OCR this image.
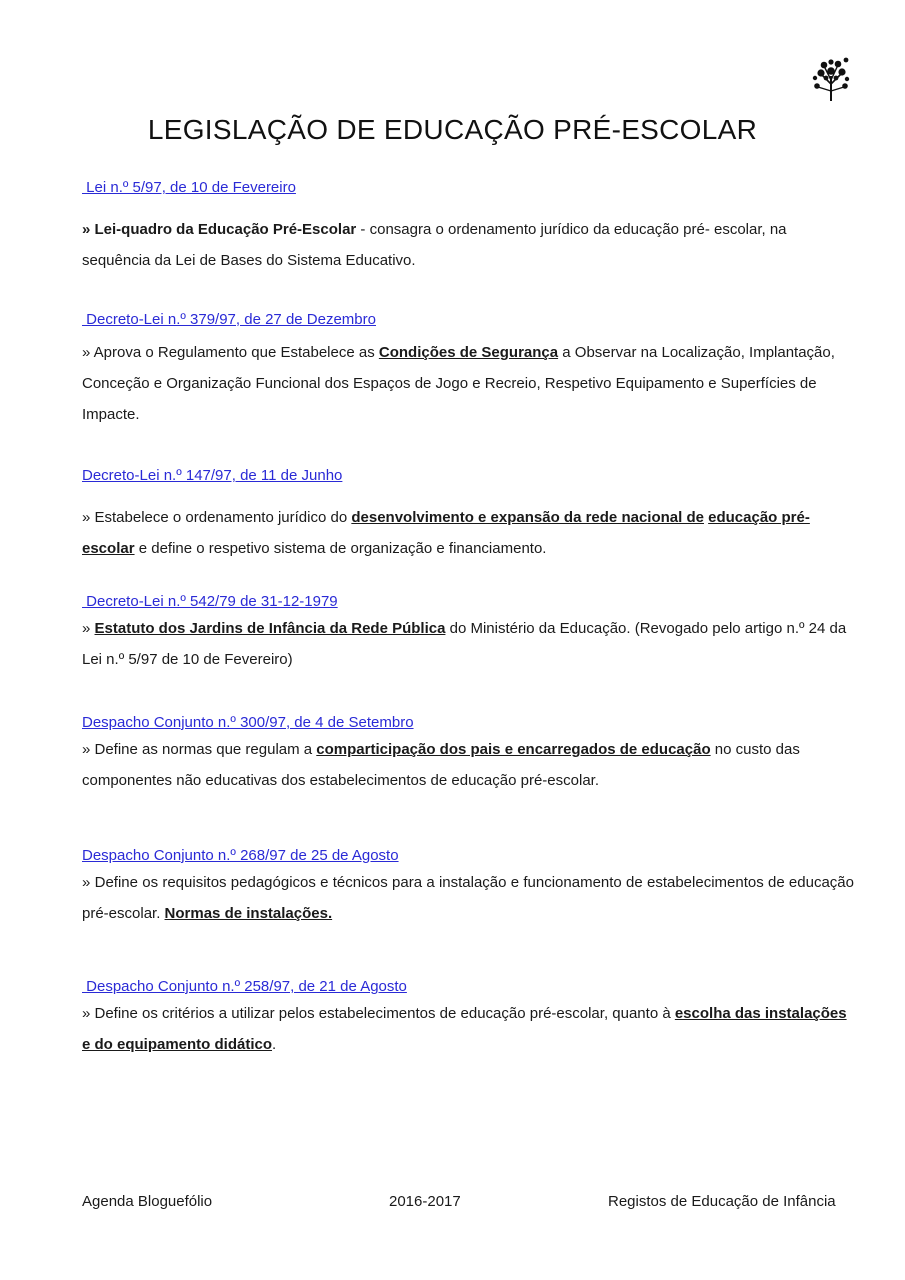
LEGISLAÇÃO DE EDUCAÇÃO PRÉ-ESCOLAR
Lei n.º 5/97, de 10 de Fevereiro

» Lei-quadro da Educação Pré-Escolar - consagra o ordenamento jurídico da educação pré- escolar, na sequência da Lei de Bases do Sistema Educativo.

Decreto-Lei n.º 379/97, de 27 de Dezembro

» Aprova o Regulamento que Estabelece as Condições de Segurança a Observar na Localização, Implantação, Conceção e Organização Funcional dos Espaços de Jogo e Recreio, Respetivo Equipamento e Superfícies de Impacte.

Decreto-Lei n.º 147/97, de 11 de Junho

» Estabelece o ordenamento jurídico do desenvolvimento e expansão da rede nacional de educação pré-escolar e define o respetivo sistema de organização e financiamento.

Decreto-Lei n.º 542/79 de 31-12-1979

» Estatuto dos Jardins de Infância da Rede Pública do Ministério da Educação. (Revogado pelo artigo n.º 24 da Lei n.º 5/97 de 10 de Fevereiro)

Despacho Conjunto n.º 300/97, de 4 de Setembro

» Define as normas que regulam a comparticipação dos pais e encarregados de educação no custo das componentes não educativas dos estabelecimentos de educação pré-escolar.

Despacho Conjunto n.º 268/97 de 25 de Agosto

» Define os requisitos pedagógicos e técnicos para a instalação e funcionamento de estabelecimentos de educação pré-escolar. Normas de instalações.

Despacho Conjunto n.º 258/97, de 21 de Agosto

» Define os critérios a utilizar pelos estabelecimentos de educação pré-escolar, quanto à escolha das instalações e do equipamento didático.

Agenda Bloguefólio	2016-2017	Registos de Educação de Infância
